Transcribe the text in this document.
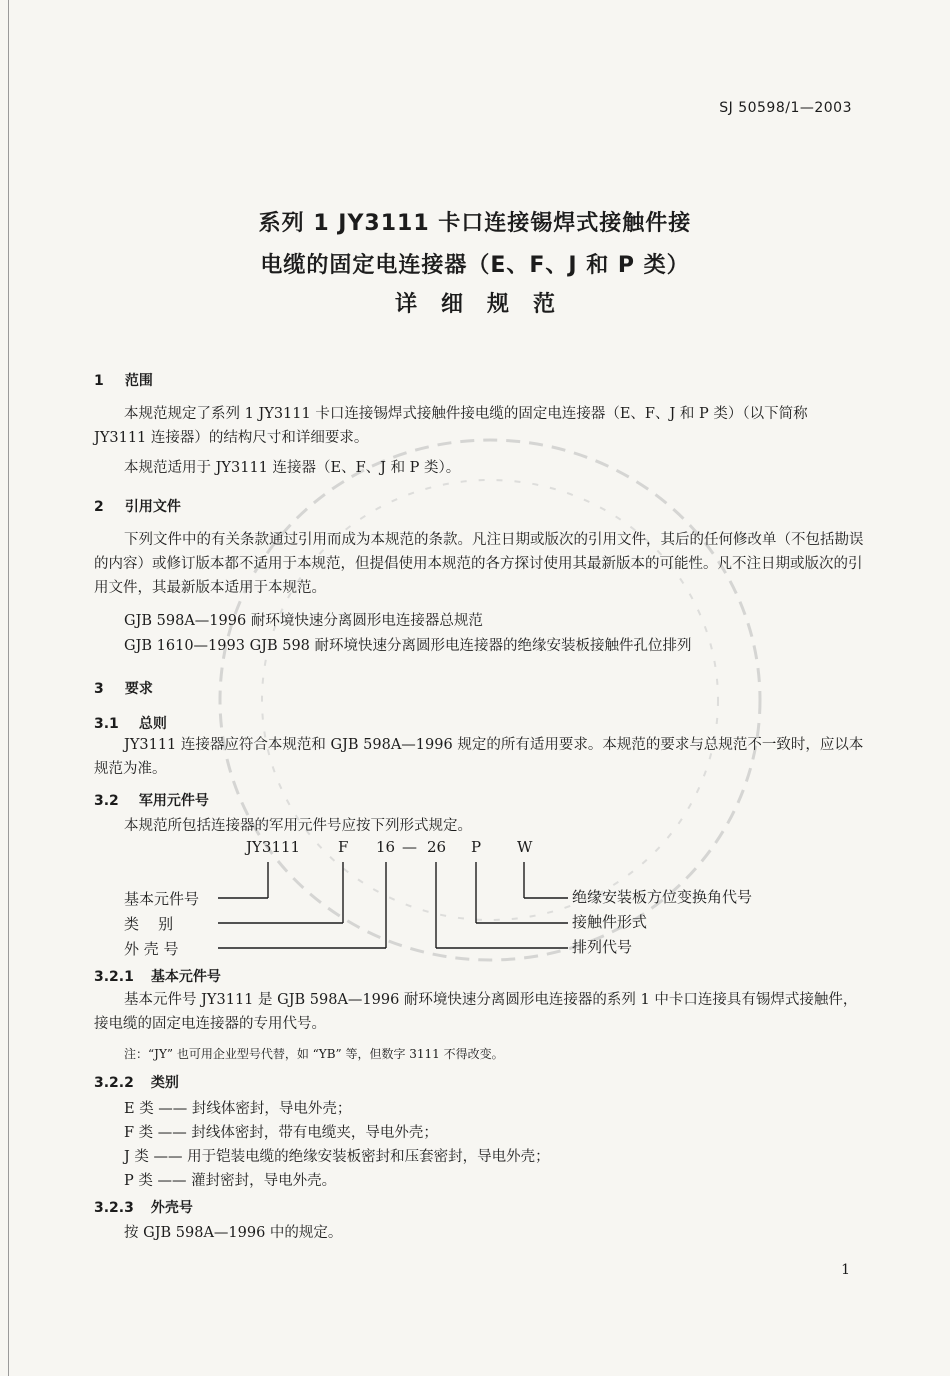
SJ 50598/1—2003
系列 1 JY3111 卡口连接锡焊式接触件接
电缆的固定电连接器（E、F、J 和 P 类）
详细规范
1 范围
本规范规定了系列 1 JY3111 卡口连接锡焊式接触件接电缆的固定电连接器（E、F、J 和 P 类）（以下简称 JY3111 连接器）的结构尺寸和详细要求。
本规范适用于 JY3111 连接器（E、F、J 和 P 类）。
2 引用文件
下列文件中的有关条款通过引用而成为本规范的条款。凡注日期或版次的引用文件，其后的任何修改单（不包括勘误的内容）或修订版本都不适用于本规范，但提倡使用本规范的各方探讨使用其最新版本的可能性。凡不注日期或版次的引用文件，其最新版本适用于本规范。
GJB 598A—1996 耐环境快速分离圆形电连接器总规范
GJB 1610—1993 GJB 598 耐环境快速分离圆形电连接器的绝缘安装板接触件孔位排列
3 要求
3.1 总则
JY3111 连接器应符合本规范和 GJB 598A—1996 规定的所有适用要求。本规范的要求与总规范不一致时，应以本规范为准。
3.2 军用元件号
本规范所包括连接器的军用元件号应按下列形式规定。
JY3111	F 16 — 26 P W
基本元件号
类    别
外 壳 号
绝缘安装板方位变换角代号
接触件形式
排列代号
3.2.1 基本元件号
基本元件号 JY3111 是 GJB 598A—1996 耐环境快速分离圆形电连接器的系列 1 中卡口连接具有锡焊式接触件，接电缆的固定电连接器的专用代号。
注：“JY” 也可用企业型号代替，如 “YB” 等，但数字 3111 不得改变。
3.2.2 类别
E 类 —— 封线体密封，导电外壳；
F 类 —— 封线体密封，带有电缆夹，导电外壳；
J 类 —— 用于铠装电缆的绝缘安装板密封和压套密封，导电外壳；
P 类 —— 灌封密封，导电外壳。
3.2.3 外壳号
按 GJB 598A—1996 中的规定。
1
